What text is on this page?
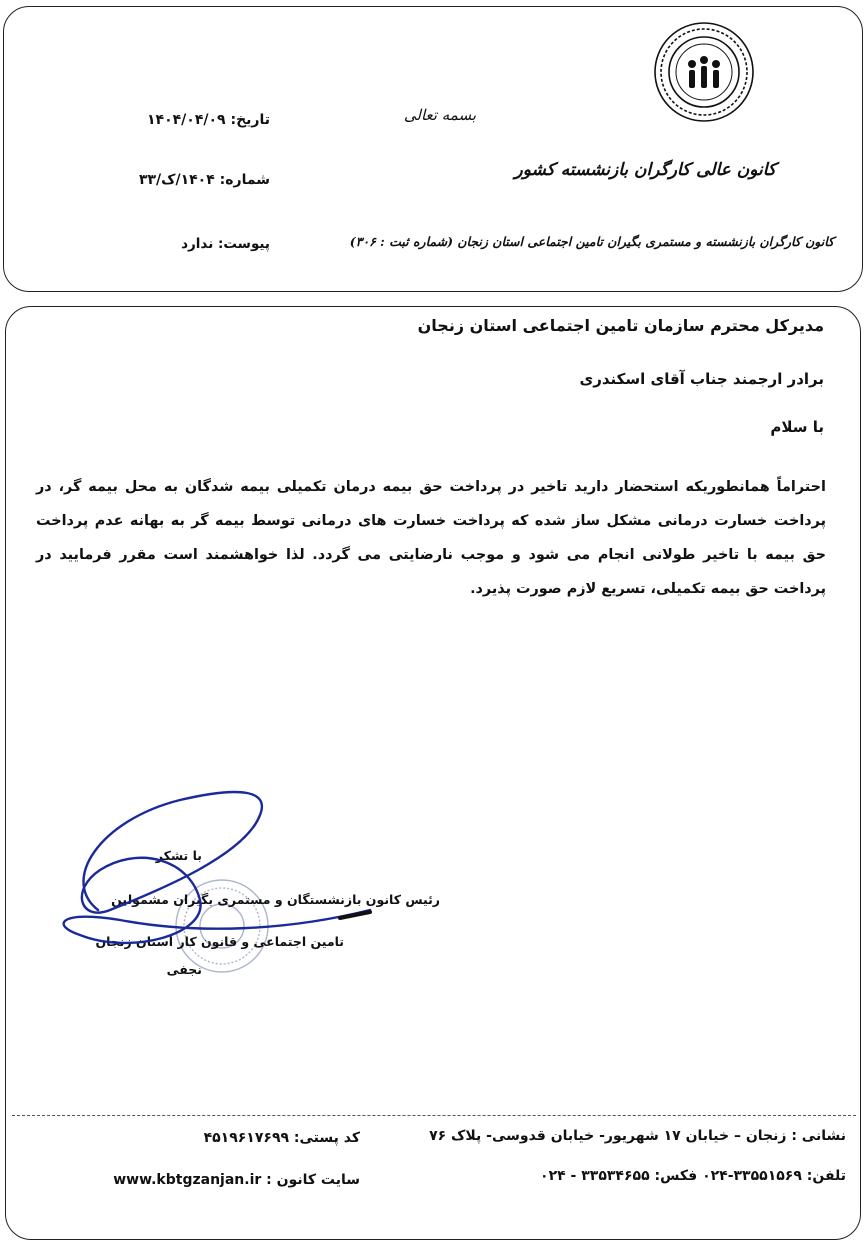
بسمه تعالی
کانون عالی کارگران بازنشسته کشور
کانون کارگران بازنشسته و مستمری بگیران تامین اجتماعی استان زنجان (شماره ثبت : ۳۰۶)
تاریخ: ۱۴۰۴/۰۴/۰۹
شماره: ۱۴۰۴/ک/۳۳
پیوست: ندارد
مدیرکل محترم سازمان تامین اجتماعی استان زنجان
برادر ارجمند جناب آقای اسکندری
با سلام
احتراماً همانطوریکه استحضار دارید تاخیر در پرداخت حق بیمه درمان تکمیلی بیمه شدگان به محل بیمه گر، در پرداخت خسارت درمانی مشکل ساز شده که پرداخت خسارت های درمانی توسط بیمه گر به بهانه عدم پرداخت حق بیمه با تاخیر طولانی انجام می شود و موجب نارضایتی می گردد. لذا خواهشمند است مقرر فرمایید در پرداخت حق بیمه تکمیلی، تسریع لازم صورت پذیرد.
با تشکر
رئیس کانون بازنشستگان و مستمری بگیران مشمولین
تامین اجتماعی و قانون کار استان زنجان
نجفی
نشانی : زنجان – خیابان ۱۷ شهریور- خیابان قدوسی- پلاک ۷۶
کد پستی: ۴۵۱۹۶۱۷۶۹۹
تلفن: ۳۳۵۵۱۵۶۹-۰۲۴ فکس: ۳۳۵۳۴۶۵۵ - ۰۲۴
سایت کانون : www.kbtgzanjan.ir
